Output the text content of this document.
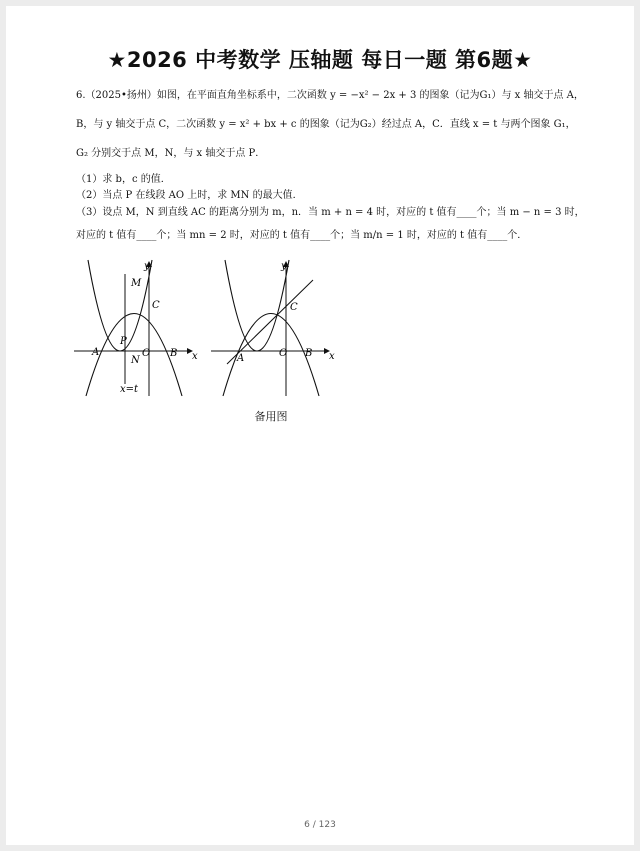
★2026 中考数学 压轴题 每日一题 第6题★
6.（2025•扬州）如图，在平面直角坐标系中，二次函数 y = −x² − 2x + 3 的图象（记为G₁）与 x 轴交于点 A，
B，与 y 轴交于点 C，二次函数 y = x² + bx + c 的图象（记为G₂）经过点 A，C．直线 x = t 与两个图象 G₁，
G₂ 分别交于点 M，N，与 x 轴交于点 P．
（1）求 b，c 的值．
（2）当点 P 在线段 AO 上时，求 MN 的最大值．
（3）设点 M，N 到直线 AC 的距离分别为 m，n．当 m + n = 4 时，对应的 t 值有____个；当 m − n = 3 时，
对应的 t 值有____个；当 mn = 2 时，对应的 t 值有____个；当 m/n = 1 时，对应的 t 值有____个．
y
x
M
C
P
A
N
O B
x=t
y
x
C
A	O B
备用图
6 / 123
